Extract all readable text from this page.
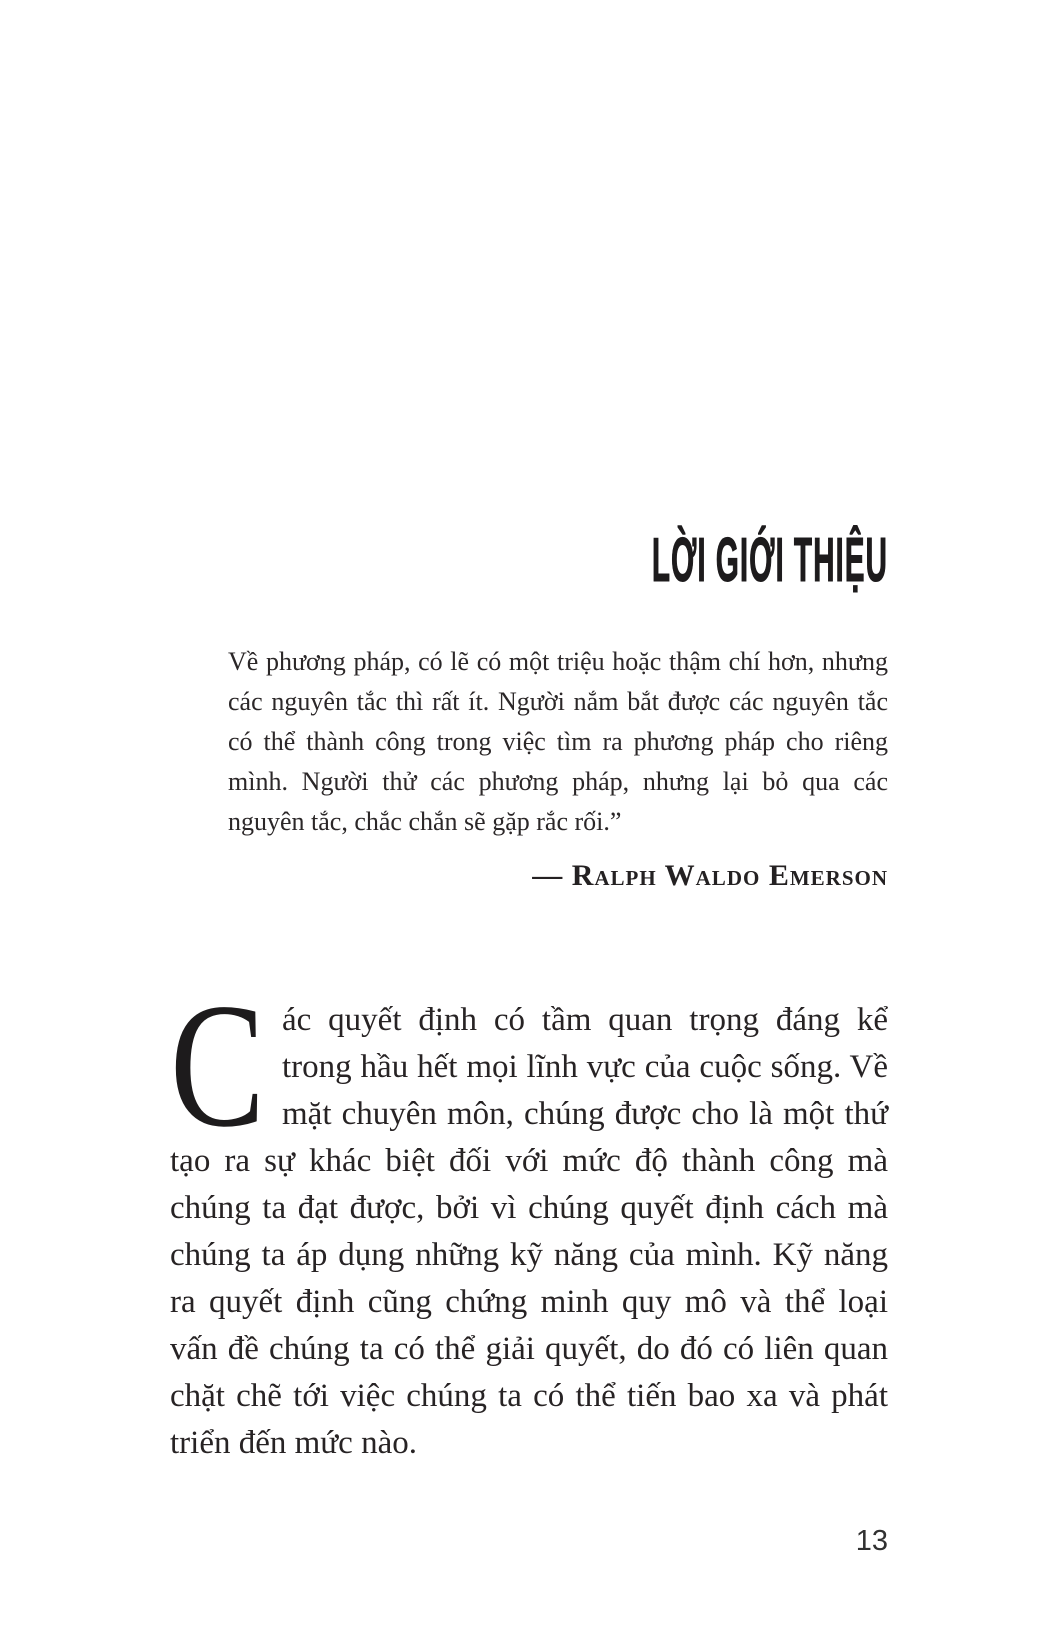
LỜI GIỚI THIỆU

Về phương pháp, có lẽ có một triệu hoặc thậm chí hơn, nhưng các nguyên tắc thì rất ít. Người nắm bắt được các nguyên tắc có thể thành công trong việc tìm ra phương pháp cho riêng mình. Người thử các phương pháp, nhưng lại bỏ qua các nguyên tắc, chắc chắn sẽ gặp rắc rối.”

— Ralph Waldo Emerson

Các quyết định có tầm quan trọng đáng kể trong hầu hết mọi lĩnh vực của cuộc sống. Về mặt chuyên môn, chúng được cho là một thứ tạo ra sự khác biệt đối với mức độ thành công mà chúng ta đạt được, bởi vì chúng quyết định cách mà chúng ta áp dụng những kỹ năng của mình. Kỹ năng ra quyết định cũng chứng minh quy mô và thể loại vấn đề chúng ta có thể giải quyết, do đó có liên quan chặt chẽ tới việc chúng ta có thể tiến bao xa và phát triển đến mức nào.

13
